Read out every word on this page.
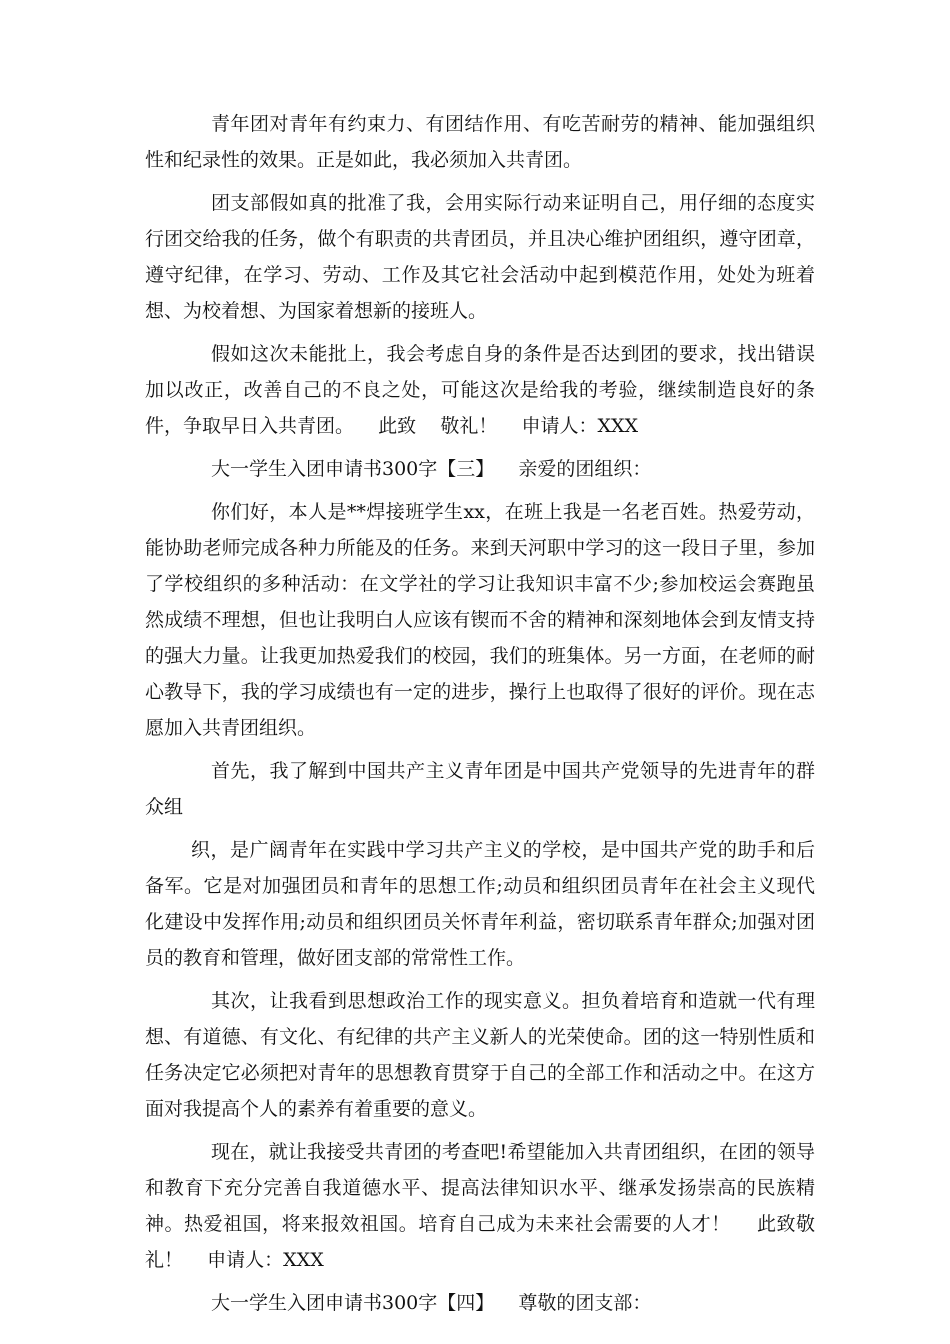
青年团对青年有约束力、有团结作用、有吃苦耐劳的精神、能加强组织性和纪录性的效果。正是如此，我必须加入共青团。

团支部假如真的批准了我，会用实际行动来证明自己，用仔细的态度实行团交给我的任务，做个有职责的共青团员，并且决心维护团组织，遵守团章，遵守纪律，在学习、劳动、工作及其它社会活动中起到模范作用，处处为班着想、为校着想、为国家着想新的接班人。

假如这次未能批上，我会考虑自身的条件是否达到团的要求，找出错误加以改正，改善自己的不良之处，可能这次是给我的考验，继续制造良好的条件，争取早日入共青团。    此致    敬礼！    申请人：XXX

大一学生入团申请书300字【三】    亲爱的团组织：

你们好，本人是**焊接班学生xx，在班上我是一名老百姓。热爱劳动，能协助老师完成各种力所能及的任务。来到天河职中学习的这一段日子里，参加了学校组织的多种活动：在文学社的学习让我知识丰富不少;参加校运会赛跑虽然成绩不理想，但也让我明白人应该有锲而不舍的精神和深刻地体会到友情支持的强大力量。让我更加热爱我们的校园，我们的班集体。另一方面，在老师的耐心教导下，我的学习成绩也有一定的进步，操行上也取得了很好的评价。现在志愿加入共青团组织。

首先，我了解到中国共产主义青年团是中国共产党领导的先进青年的群众组

织，是广阔青年在实践中学习共产主义的学校，是中国共产党的助手和后备军。它是对加强团员和青年的思想工作;动员和组织团员青年在社会主义现代化建设中发挥作用;动员和组织团员关怀青年利益，密切联系青年群众;加强对团员的教育和管理，做好团支部的常常性工作。

其次，让我看到思想政治工作的现实意义。担负着培育和造就一代有理想、有道德、有文化、有纪律的共产主义新人的光荣使命。团的这一特别性质和任务决定它必须把对青年的思想教育贯穿于自己的全部工作和活动之中。在这方面对我提高个人的素养有着重要的意义。

现在，就让我接受共青团的考查吧!希望能加入共青团组织，在团的领导和教育下充分完善自我道德水平、提高法律知识水平、继承发扬崇高的民族精神。热爱祖国，将来报效祖国。培育自己成为未来社会需要的人才！    此致敬礼！    申请人：XXX

大一学生入团申请书300字【四】    尊敬的团支部：
